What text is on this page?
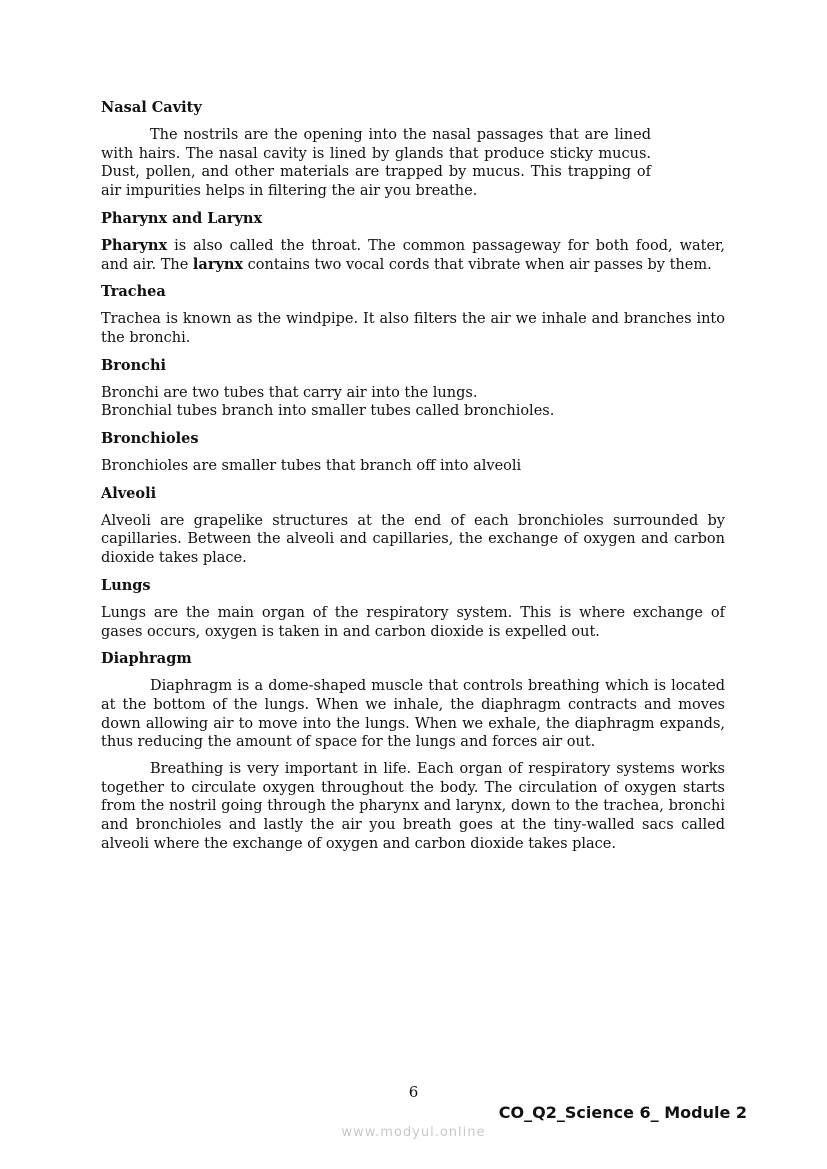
Nasal Cavity

The nostrils are the opening into the nasal passages that are lined with hairs. The nasal cavity is lined by glands that produce sticky mucus. Dust, pollen, and other materials are trapped by mucus. This trapping of air impurities helps in filtering the air you breathe.

Pharynx and Larynx

Pharynx is also called the throat. The common passageway for both food, water, and air. The larynx contains two vocal cords that vibrate when air passes by them.

Trachea

Trachea is known as the windpipe. It also filters the air we inhale and branches into the bronchi.

Bronchi

Bronchi are two tubes that carry air into the lungs.
Bronchial tubes branch into smaller tubes called bronchioles.

Bronchioles

Bronchioles are smaller tubes that branch off into alveoli

Alveoli

Alveoli are grapelike structures at the end of each bronchioles surrounded by capillaries. Between the alveoli and capillaries, the exchange of oxygen and carbon dioxide takes place.

Lungs

Lungs are the main organ of the respiratory system. This is where exchange of gases occurs, oxygen is taken in and carbon dioxide is expelled out.

Diaphragm

Diaphragm is a dome-shaped muscle that controls breathing which is located at the bottom of the lungs. When we inhale, the diaphragm contracts and moves down allowing air to move into the lungs. When we exhale, the diaphragm expands, thus reducing the amount of space for the lungs and forces air out.

Breathing is very important in life. Each organ of respiratory systems works together to circulate oxygen throughout the body. The circulation of oxygen starts from the nostril going through the pharynx and larynx, down to the trachea, bronchi and bronchioles and lastly the air you breath goes at the tiny-walled sacs called alveoli where the exchange of oxygen and carbon dioxide takes place.

6
CO_Q2_Science 6_ Module 2
www.modyul.online
